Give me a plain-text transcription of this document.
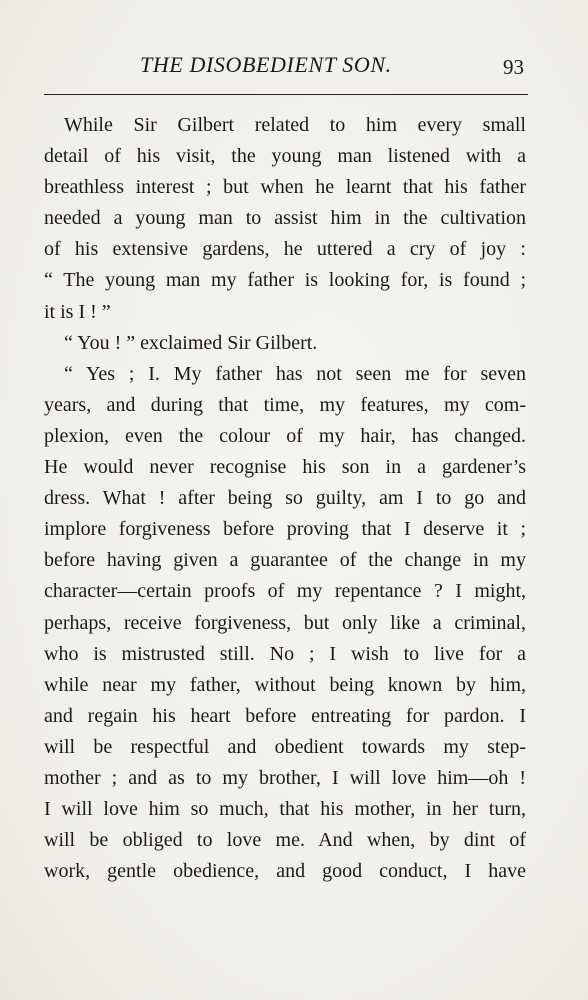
THE DISOBEDIENT SON.	93
While Sir Gilbert related to him every small
detail of his visit, the young man listened with a
breathless interest ; but when he learnt that his father
needed a young man to assist him in the cultivation
of his extensive gardens, he uttered a cry of joy :
“ The young man my father is looking for, is found ;
it is I ! ”
“ You ! ” exclaimed Sir Gilbert.
“ Yes ; I. My father has not seen me for seven
years, and during that time, my features, my com-
plexion, even the colour of my hair, has changed.
He would never recognise his son in a gardener’s
dress. What ! after being so guilty, am I to go and
implore forgiveness before proving that I deserve it ;
before having given a guarantee of the change in my
character—certain proofs of my repentance ? I might,
perhaps, receive forgiveness, but only like a criminal,
who is mistrusted still. No ; I wish to live for a
while near my father, without being known by him,
and regain his heart before entreating for pardon. I
will be respectful and obedient towards my step-
mother ; and as to my brother, I will love him—oh !
I will love him so much, that his mother, in her turn,
will be obliged to love me. And when, by dint of
work, gentle obedience, and good conduct, I have
